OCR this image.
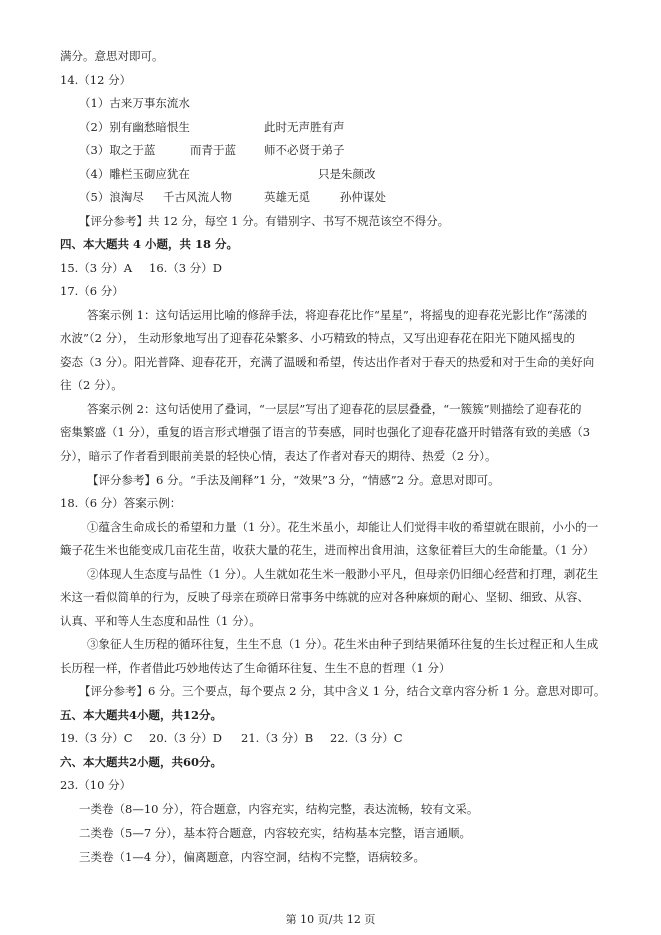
满分。意思对即可。
14.（12 分）
（1）古来万事东流水
（2）别有幽愁暗恨生	此时无声胜有声
（3）取之于蓝	而青于蓝 师不必贤于弟子
（4）雕栏玉砌应犹在	只是朱颜改
（5）浪淘尽 千古风流人物	英雄无觅	孙仲谋处
【评分参考】共 12 分，每空 1 分。有错别字、书写不规范该空不得分。
四、本大题共 4 小题，共 18 分。
15.（3 分）A 16.（3 分）D
17.（6 分）
答案示例 1：这句话运用比喻的修辞手法，将迎春花比作“星星”，将摇曳的迎春花光影比作“荡漾的
水波”（2 分）， 生动形象地写出了迎春花朵繁多、小巧精致的特点，又写出迎春花在阳光下随风摇曳的
姿态（3 分）。阳光普降、迎春花开，充满了温暖和希望，传达出作者对于春天的热爱和对于生命的美好向
往（2 分）。
答案示例 2：这句话使用了叠词，“一层层”写出了迎春花的层层叠叠，“一簇簇”则描绘了迎春花的
密集繁盛（1 分），重复的语言形式增强了语言的节奏感，同时也强化了迎春花盛开时错落有致的美感（3
分），暗示了作者看到眼前美景的轻快心情，表达了作者对春天的期待、热爱（2 分）。
【评分参考】6 分。“手法及阐释”1 分，“效果”3 分，“情感”2 分。意思对即可。
18.（6 分）答案示例：
①蕴含生命成长的希望和力量（1 分）。花生米虽小，却能让人们觉得丰收的希望就在眼前，小小的一
簸子花生米也能变成几亩花生苗，收获大量的花生，进而榨出食用油，这象征着巨大的生命能量。（1 分）
②体现人生态度与品性（1 分）。人生就如花生米一般渺小平凡，但母亲仍旧细心经营和打理，剥花生
米这一看似简单的行为，反映了母亲在琐碎日常事务中练就的应对各种麻烦的耐心、坚韧、细致、从容、
认真、平和等人生态度和品性（1 分）。
③象征人生历程的循环往复，生生不息（1 分）。花生米由种子到结果循环往复的生长过程正和人生成
长历程一样，作者借此巧妙地传达了生命循环往复、生生不息的哲理（1 分）
【评分参考】6 分。三个要点，每个要点 2 分，其中含义 1 分，结合文章内容分析 1 分。意思对即可。
五、本大题共4小题，共12分。
19.（3 分）C 20.（3 分）D 21.（3 分）B 22.（3 分）C
六、本大题共2小题，共60分。
23.（10 分）
一类卷（8—10 分），符合题意，内容充实，结构完整，表达流畅，较有文采。
二类卷（5—7 分），基本符合题意，内容较充实，结构基本完整，语言通顺。
三类卷（1—4 分），偏离题意，内容空洞，结构不完整，语病较多。
第 10 页/共 12 页
